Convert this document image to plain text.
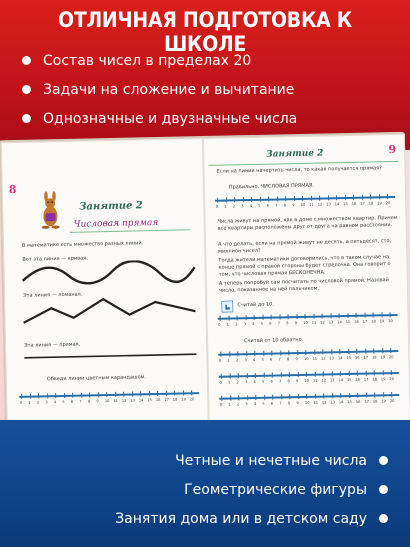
ОТЛИЧНАЯ ПОДГОТОВКА К ШКОЛЕ
Состав чисел в пределах 20
Задачи на сложение и вычитание
Однозначные и двузначные числа
8
Занятие 2
Числовая прямая
В математике есть множество разных линий.
Вот эта линия — кривая.
Эта линия — ломаная.
Эта линия — прямая.
Обведи линии цветным карандашом.
0 1 2 3 4 5 6 7 8 9 10 11 12 13 14 15 16 17 18 19 20
9
Занятие 2
Если на линии начертить числа, то какая получается прямая?
Правильно, ЧИСЛОВАЯ ПРЯМАЯ.
0 1 2 3 4 5 6 7 8 9 10 11 12 13 14 15 16 17 18 19 20
Числа живут на прямой, как в доме с множеством квартир. Причем все квартиры расположены друг от друга на равном расстоянии.
А что делать, если на прямой живут не десять, а пятьдесят, сто, миллион чисел?
Тогда жители математики договорились, что в таком случае на конце прямой с правой стороны будет стрелочка. Она говорит о том, что числовая прямая БЕСКОНЕЧНА.
А теперь попробуй сам посчитать по числовой прямой. Назовай число, показанное на ней пальчиком.
Считай до 10.
0 1 2 3 4 5 6 7 8 9 10 11 12 13 14 15 16 17 18 19 20
Считай от 10 обратно.
0 1 2 3 4 5 6 7 8 9 10 11 12 13 14 15 16 17 18 19 20
0 1 2 3 4 5 6 7 8 9 10 11 12 13 14 15 16 17 18 19 20
0 1 2 3 4 5 6 7 8 9 10 11 12 13 14 15 16 17 18 19 20
Четные и нечетные числа
Геометрические фигуры
Занятия дома или в детском саду
